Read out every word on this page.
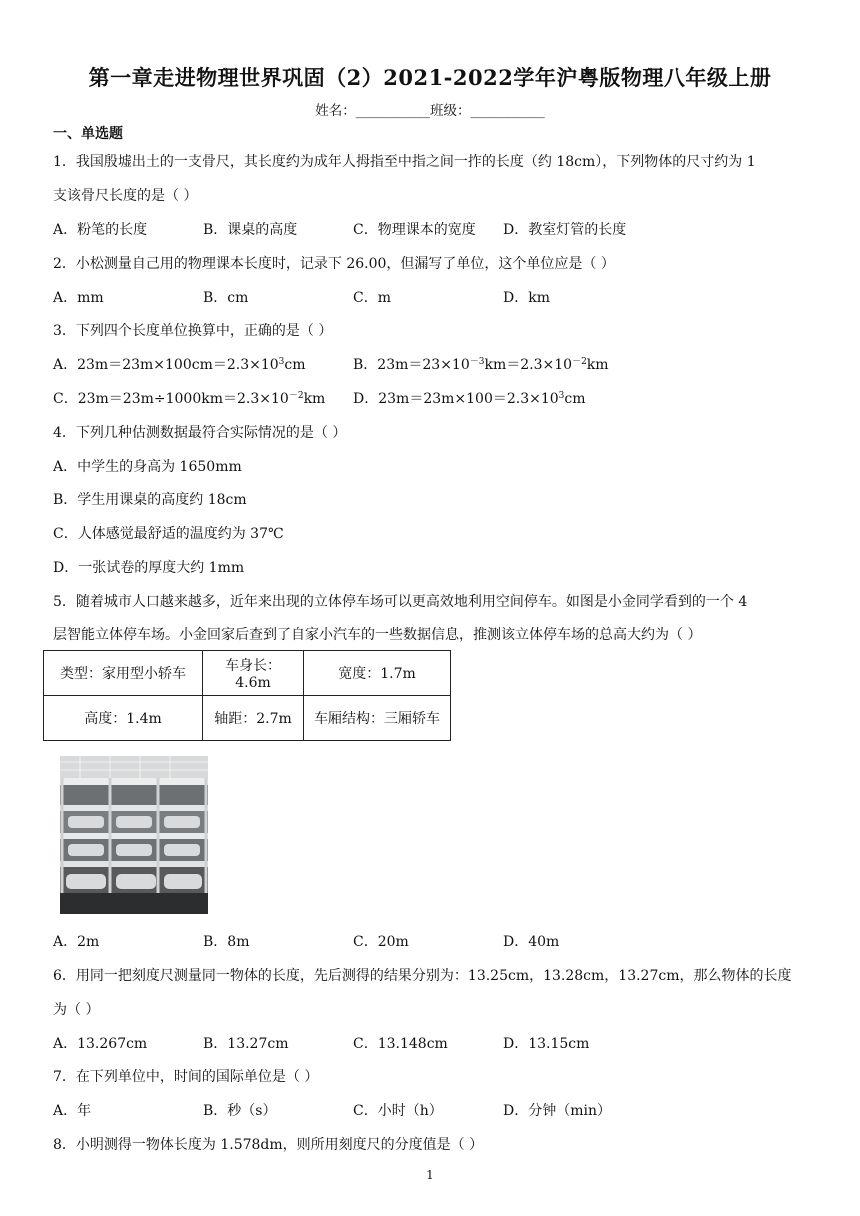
第一章走进物理世界巩固（2）2021-2022学年沪粤版物理八年级上册
姓名：___________班级：___________
一、单选题
1．我国殷墟出土的一支骨尺，其长度约为成年人拇指至中指之间一拃的长度（约 18cm），下列物体的尺寸约为 1
支该骨尺长度的是（ ）
A．粉笔的长度	B．课桌的高度	C．物理课本的宽度 D．教室灯管的长度
2．小松测量自己用的物理课本长度时，记录下 26.00，但漏写了单位，这个单位应是（ ）
A．mm	B．cm	C．m	D．km
3．下列四个长度单位换算中，正确的是（ ）
A．$23m=23m\times 100cm=2.3\times 10^3cm$	B．$23m=23\times 10^{-3}km=2.3\times 10^{-2}km$
C．$23m=23m\div 1000km=2.3\times 10^{-2}km$ D．$23m=23m\times 100=2.3\times 10^3cm$
4．下列几种估测数据最符合实际情况的是（ ）
A．中学生的身高为 1650mm
B．学生用课桌的高度约 18cm
C．人体感觉最舒适的温度约为 37℃
D．一张试卷的厚度大约 1mm
5．随着城市人口越来越多，近年来出现的立体停车场可以更高效地利用空间停车。如图是小金同学看到的一个 4
层智能立体停车场。小金回家后查到了自家小汽车的一些数据信息，推测该立体停车场的总高大约为（ ）
类型：家用型小轿车	车身长：4.6m	宽度：1.7m
高度：1.4m	轴距：2.7m	车厢结构：三厢轿车
A．2m	B．8m	C．20m	D．40m
6．用同一把刻度尺测量同一物体的长度，先后测得的结果分别为：13.25cm，13.28cm，13.27cm，那么物体的长度
为（ ）
A．13.267cm	B．13.27cm	C．13.148cm	D．13.15cm
7．在下列单位中，时间的国际单位是（ ）
A．年	B．秒（s）	C．小时（h）	D．分钟（min）
8．小明测得一物体长度为 1.578dm，则所用刻度尺的分度值是（ ）
1
